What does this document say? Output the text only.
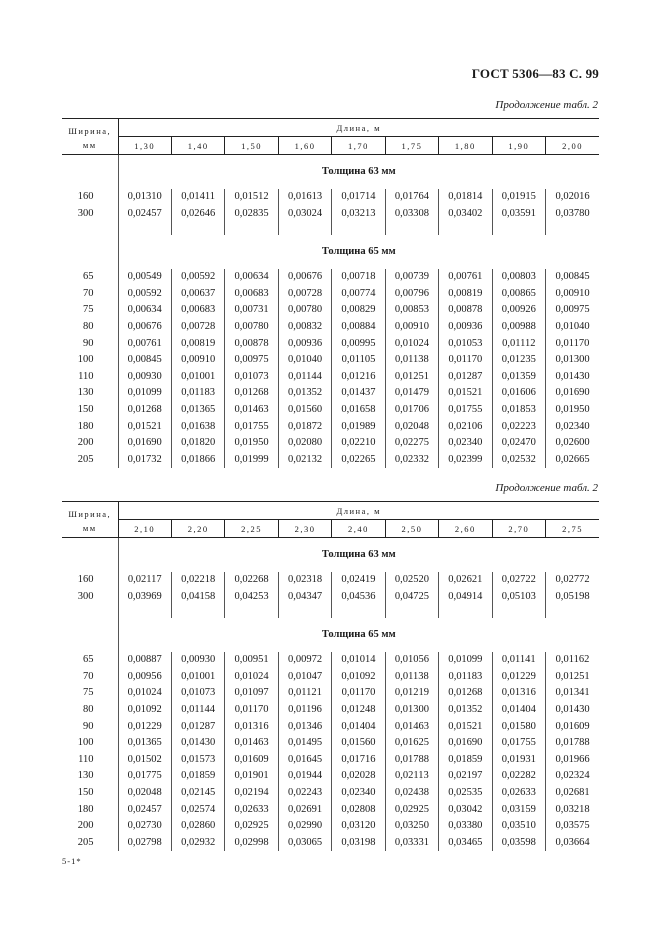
ГОСТ 5306—83 С. 99
Продолжение табл. 2
Ширина, мм	Длина, м								
	1,30	1,40	1,50	1,60	1,70	1,75	1,80	1,90	2,00
	Толщина 63 мм								
160	0,01310	0,01411	0,01512	0,01613	0,01714	0,01764	0,01814	0,01915	0,02016
300	0,02457	0,02646	0,02835	0,03024	0,03213	0,03308	0,03402	0,03591	0,03780

	Толщина 65 мм								
65	0,00549	0,00592	0,00634	0,00676	0,00718	0,00739	0,00761	0,00803	0,00845
70	0,00592	0,00637	0,00683	0,00728	0,00774	0,00796	0,00819	0,00865	0,00910
75	0,00634	0,00683	0,00731	0,00780	0,00829	0,00853	0,00878	0,00926	0,00975
80	0,00676	0,00728	0,00780	0,00832	0,00884	0,00910	0,00936	0,00988	0,01040
90	0,00761	0,00819	0,00878	0,00936	0,00995	0,01024	0,01053	0,01112	0,01170
100	0,00845	0,00910	0,00975	0,01040	0,01105	0,01138	0,01170	0,01235	0,01300
110	0,00930	0,01001	0,01073	0,01144	0,01216	0,01251	0,01287	0,01359	0,01430
130	0,01099	0,01183	0,01268	0,01352	0,01437	0,01479	0,01521	0,01606	0,01690
150	0,01268	0,01365	0,01463	0,01560	0,01658	0,01706	0,01755	0,01853	0,01950
180	0,01521	0,01638	0,01755	0,01872	0,01989	0,02048	0,02106	0,02223	0,02340
200	0,01690	0,01820	0,01950	0,02080	0,02210	0,02275	0,02340	0,02470	0,02600
205	0,01732	0,01866	0,01999	0,02132	0,02265	0,02332	0,02399	0,02532	0,02665
Продолжение табл. 2
Ширина, мм	Длина, м								
	2,10	2,20	2,25	2,30	2,40	2,50	2,60	2,70	2,75
	Толщина 63 мм								
160	0,02117	0,02218	0,02268	0,02318	0,02419	0,02520	0,02621	0,02722	0,02772
300	0,03969	0,04158	0,04253	0,04347	0,04536	0,04725	0,04914	0,05103	0,05198

	Толщина 65 мм								
65	0,00887	0,00930	0,00951	0,00972	0,01014	0,01056	0,01099	0,01141	0,01162
70	0,00956	0,01001	0,01024	0,01047	0,01092	0,01138	0,01183	0,01229	0,01251
75	0,01024	0,01073	0,01097	0,01121	0,01170	0,01219	0,01268	0,01316	0,01341
80	0,01092	0,01144	0,01170	0,01196	0,01248	0,01300	0,01352	0,01404	0,01430
90	0,01229	0,01287	0,01316	0,01346	0,01404	0,01463	0,01521	0,01580	0,01609
100	0,01365	0,01430	0,01463	0,01495	0,01560	0,01625	0,01690	0,01755	0,01788
110	0,01502	0,01573	0,01609	0,01645	0,01716	0,01788	0,01859	0,01931	0,01966
130	0,01775	0,01859	0,01901	0,01944	0,02028	0,02113	0,02197	0,02282	0,02324
150	0,02048	0,02145	0,02194	0,02243	0,02340	0,02438	0,02535	0,02633	0,02681
180	0,02457	0,02574	0,02633	0,02691	0,02808	0,02925	0,03042	0,03159	0,03218
200	0,02730	0,02860	0,02925	0,02990	0,03120	0,03250	0,03380	0,03510	0,03575
205	0,02798	0,02932	0,02998	0,03065	0,03198	0,03331	0,03465	0,03598	0,03664
5-1*
